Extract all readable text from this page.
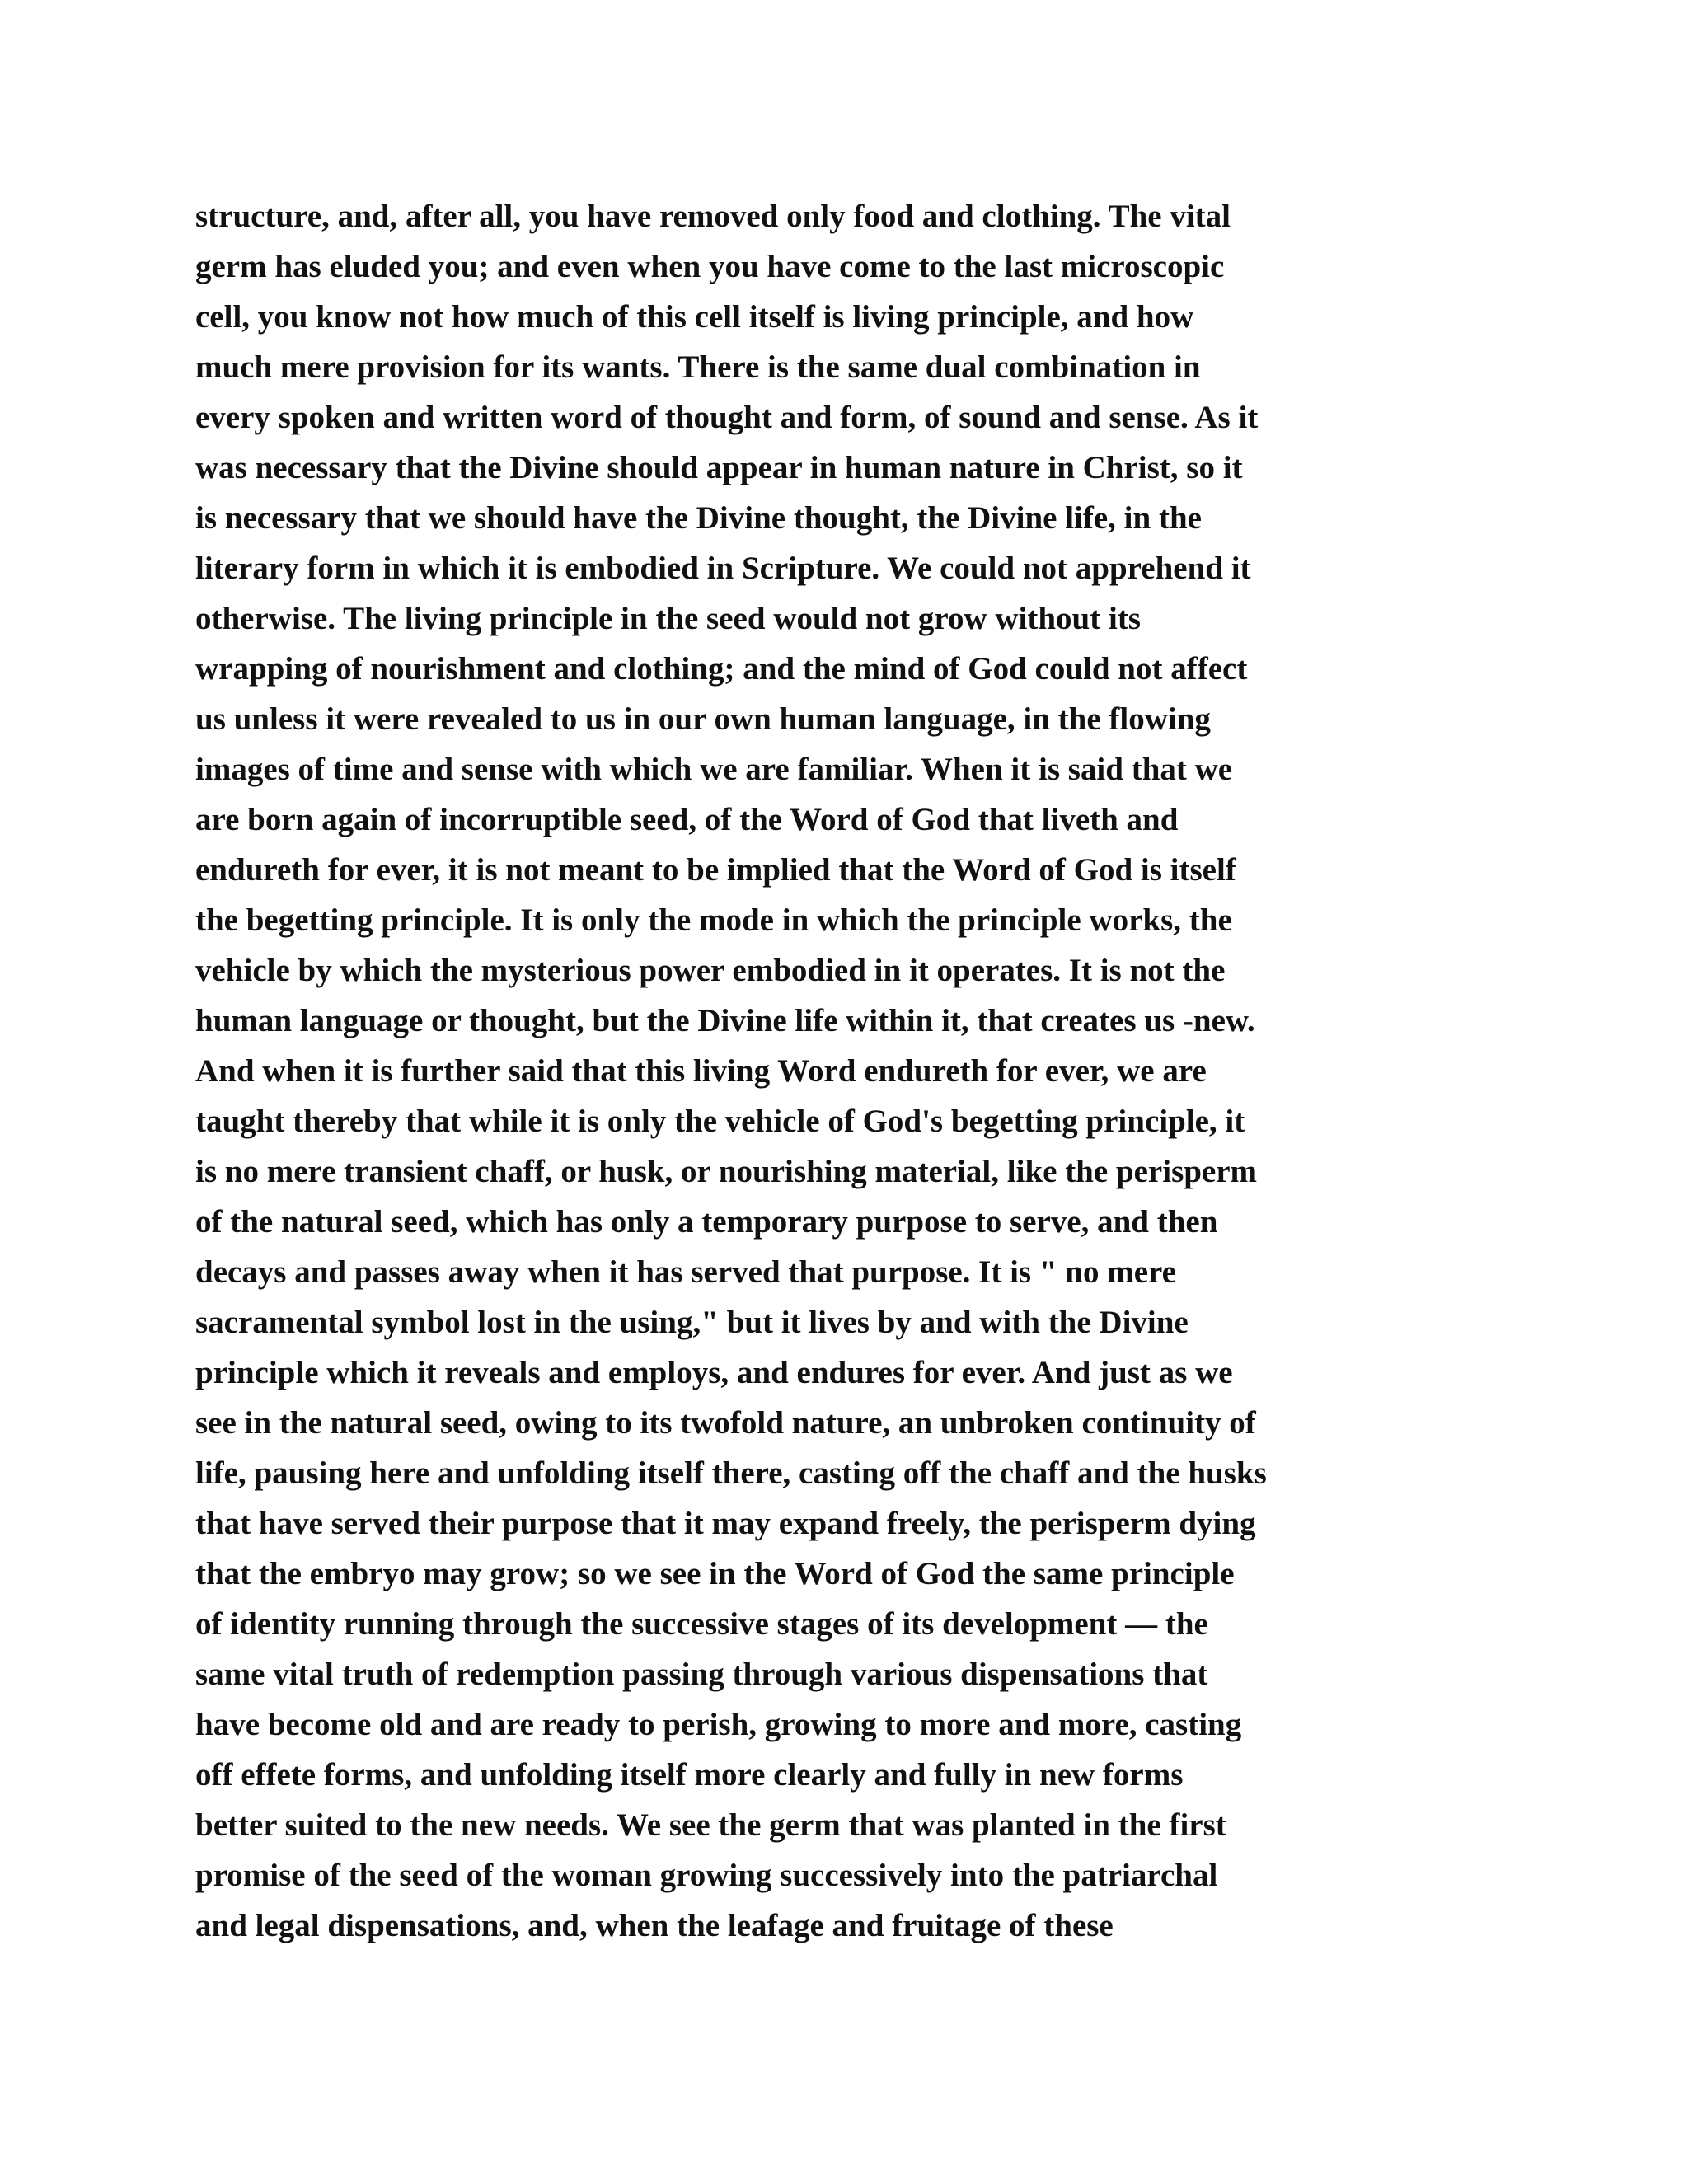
structure, and, after all, you have removed only food and clothing. The vital
germ has eluded you; and even when you have come to the last microscopic
cell, you know not how much of this cell itself is living principle, and how
much mere provision for its wants. There is the same dual combination in
every spoken and written word of thought and form, of sound and sense. As it
was necessary that the Divine should appear in human nature in Christ, so it
is necessary that we should have the Divine thought, the Divine life, in the
literary form in which it is embodied in Scripture. We could not apprehend it
otherwise. The living principle in the seed would not grow without its
wrapping of nourishment and clothing; and the mind of God could not affect
us unless it were revealed to us in our own human language, in the flowing
images of time and sense with which we are familiar. When it is said that we
are born again of incorruptible seed, of the Word of God that liveth and
endureth for ever, it is not meant to be implied that the Word of God is itself
the begetting principle. It is only the mode in which the principle works, the
vehicle by which the mysterious power embodied in it operates. It is not the
human language or thought, but the Divine life within it, that creates us -new.
And when it is further said that this living Word endureth for ever, we are
taught thereby that while it is only the vehicle of God's begetting principle, it
is no mere transient chaff, or husk, or nourishing material, like the perisperm
of the natural seed, which has only a temporary purpose to serve, and then
decays and passes away when it has served that purpose. It is " no mere
sacramental symbol lost in the using," but it lives by and with the Divine
principle which it reveals and employs, and endures for ever. And just as we
see in the natural seed, owing to its twofold nature, an unbroken continuity of
life, pausing here and unfolding itself there, casting off the chaff and the husks
that have served their purpose that it may expand freely, the perisperm dying
that the embryo may grow; so we see in the Word of God the same principle
of identity running through the successive stages of its development — the
same vital truth of redemption passing through various dispensations that
have become old and are ready to perish, growing to more and more, casting
off effete forms, and unfolding itself more clearly and fully in new forms
better suited to the new needs. We see the germ that was planted in the first
promise of the seed of the woman growing successively into the patriarchal
and legal dispensations, and, when the leafage and fruitage of these
